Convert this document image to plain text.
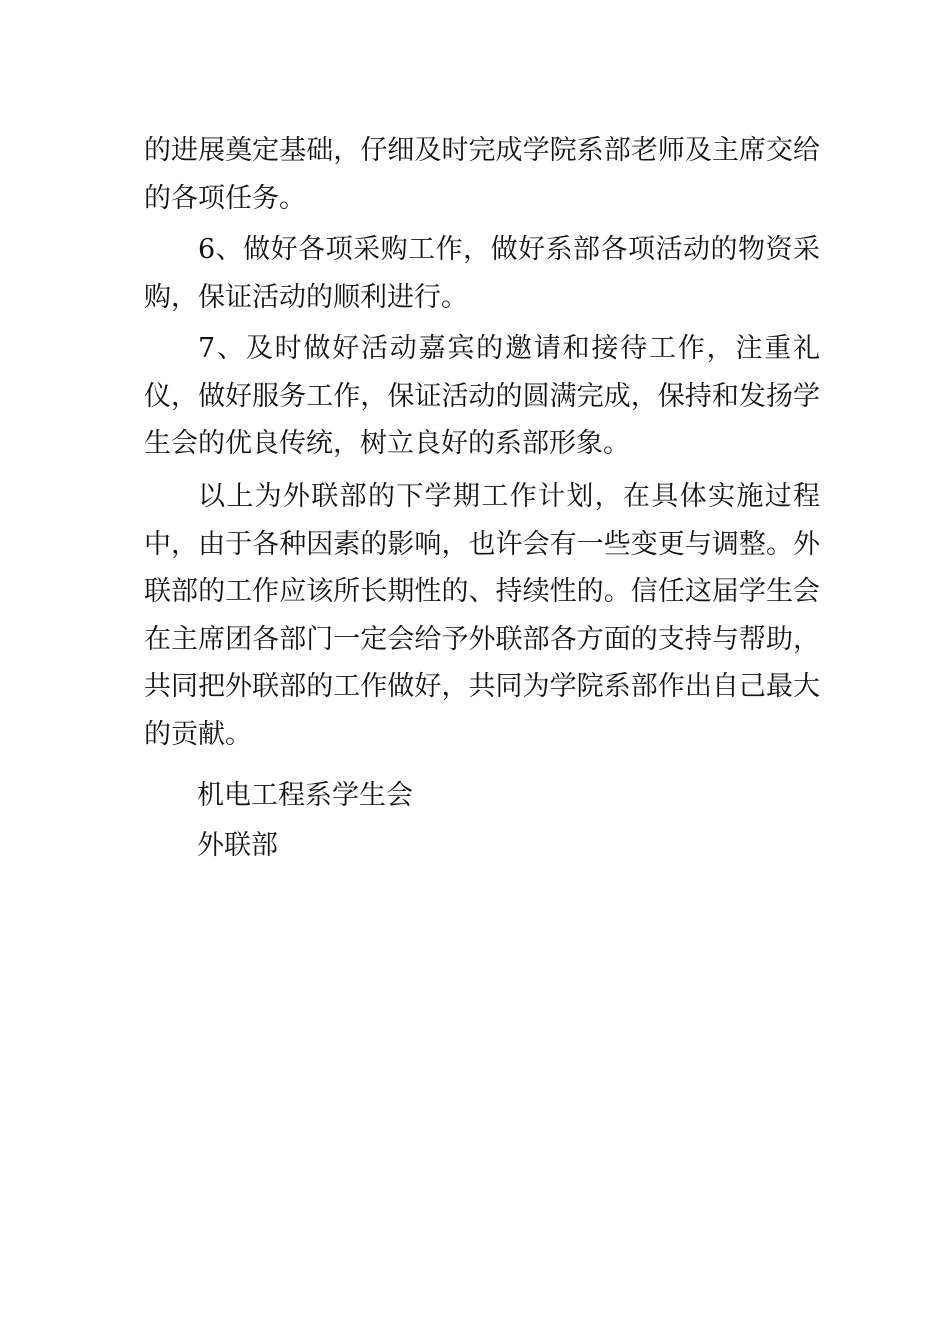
的进展奠定基础，仔细及时完成学院系部老师及主席交给的各项任务。

6、做好各项采购工作，做好系部各项活动的物资采购，保证活动的顺利进行。

7、及时做好活动嘉宾的邀请和接待工作，注重礼仪，做好服务工作，保证活动的圆满完成，保持和发扬学生会的优良传统，树立良好的系部形象。

以上为外联部的下学期工作计划，在具体实施过程中，由于各种因素的影响，也许会有一些变更与调整。外联部的工作应该所长期性的、持续性的。信任这届学生会在主席团各部门一定会给予外联部各方面的支持与帮助，共同把外联部的工作做好，共同为学院系部作出自己最大的贡献。

机电工程系学生会

外联部
